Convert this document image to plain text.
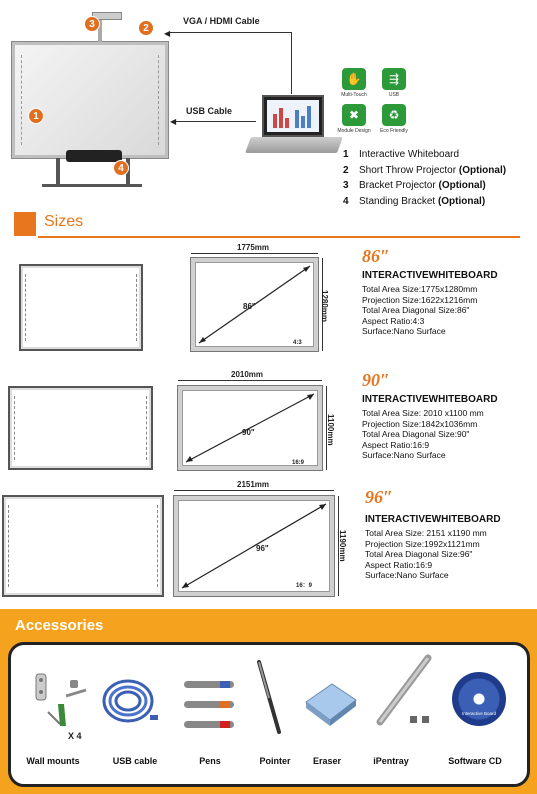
1
2
3
4
VGA / HDMI Cable
◀
USB Cable
◀
✋
Multi-Touch
⇶
USB
✖
Module Design
♻
Eco Friendly
1 Interactive Whiteboard
2 Short Throw Projector (Optional)
3 Bracket Projector (Optional)
4 Standing Bracket (Optional)
Sizes
1775mm
86"
4:3
1280mm
86″
INTERACTIVEWHITEBOARD
Total Area Size:1775x1280mm
Projection Size:1622x1216mm
Total Area Diagonal Size:86"
Aspect Ratio:4:3
Surface:Nano Surface
2010mm
90"
16:9
1100mm
90″
INTERACTIVEWHITEBOARD
Total Area Size: 2010 x1100 mm
Projection Size:1842x1036mm
Total Area Diagonal Size:90"
Aspect Ratio:16:9
Surface:Nano Surface
2151mm
96"
16：9
1190mm
96″
INTERACTIVEWHITEBOARD
Total Area Size: 2151 x1190 mm
Projection Size:1992x1121mm
Total Area Diagonal Size:96"
Aspect Ratio:16:9
Surface:Nano Surface
Accessories
X 4
Wall mounts	USB cable	Pens	Pointer	Eraser	iPentray
Interactive Board
Software CD
